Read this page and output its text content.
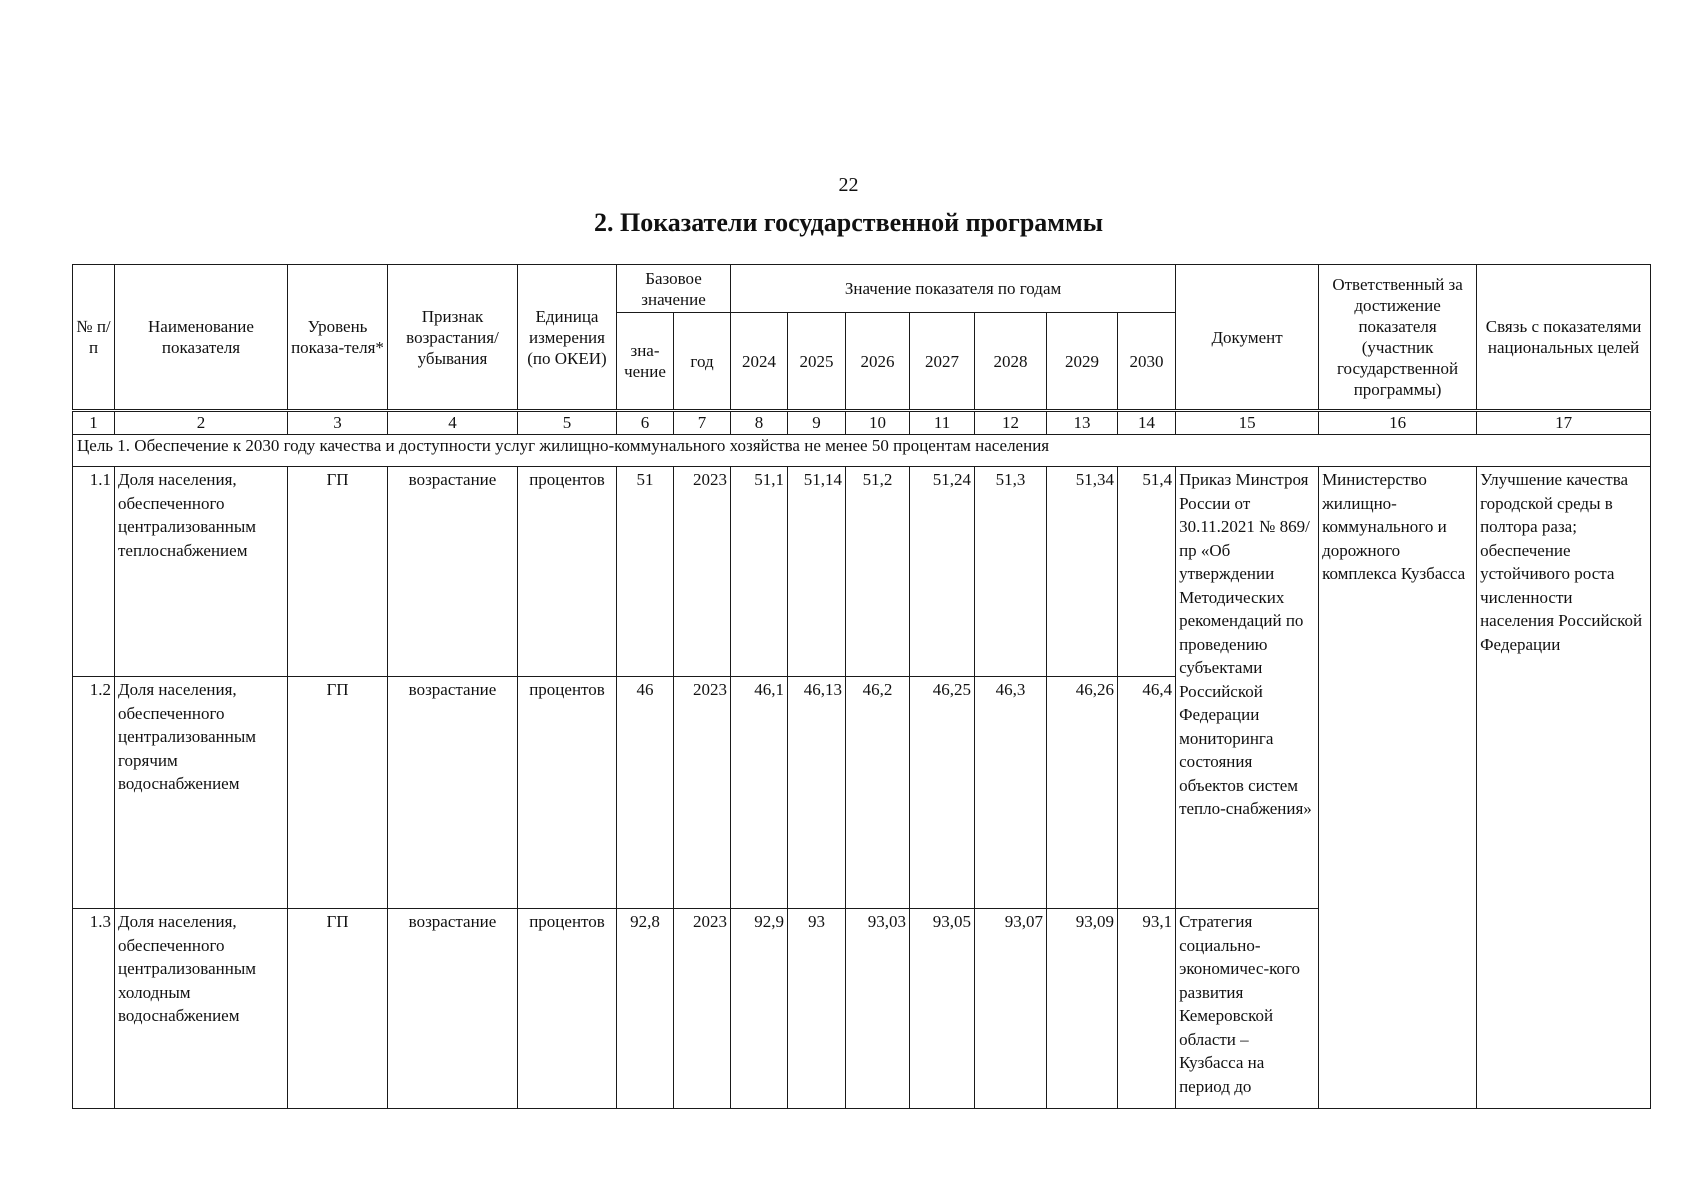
22
2. Показатели государственной программы
№ п/п	Наименование показателя	Уровень показа-теля*	Признак возрастания/ убывания	Единица измерения (по ОКЕИ)	Базовое значение		Значение показателя по годам							Документ	Ответственный за достижение показателя (участник государственной программы)	Связь с показателями национальных целей
					зна-чение	год	2024	2025	2026	2027	2028	2029	2030			
1	2	3	4	5	6	7	8	9	10	11	12	13	14	15	16	17
Цель 1. Обеспечение к 2030 году качества и доступности услуг жилищно-коммунального хозяйства не менее 50 процентам населения																
1.1	Доля населения, обеспеченного централизованным теплоснабжением	ГП	возрастание	процентов	51	2023	51,1	51,14	51,2	51,24	51,3	51,34	51,4	Приказ Минстроя России от 30.11.2021 № 869/пр «Об утверждении Методических рекомендаций по проведению субъектами Российской Федерации мониторинга состояния объектов систем тепло-снабжения»	Министерство жилищно-коммунального и дорожного комплекса Кузбасса	Улучшение качества городской среды в полтора раза; обеспечение устойчивого роста численности населения Российской Федерации
1.2	Доля населения, обеспеченного централизованным горячим водоснабжением	ГП	возрастание	процентов	46	2023	46,1	46,13	46,2	46,25	46,3	46,26	46,4			
1.3	Доля населения, обеспеченного централизованным холодным водоснабжением	ГП	возрастание	процентов	92,8	2023	92,9	93	93,03	93,05	93,07	93,09	93,1	Стратегия социально-экономичес-кого развития Кемеровской области – Кузбасса на период до		
